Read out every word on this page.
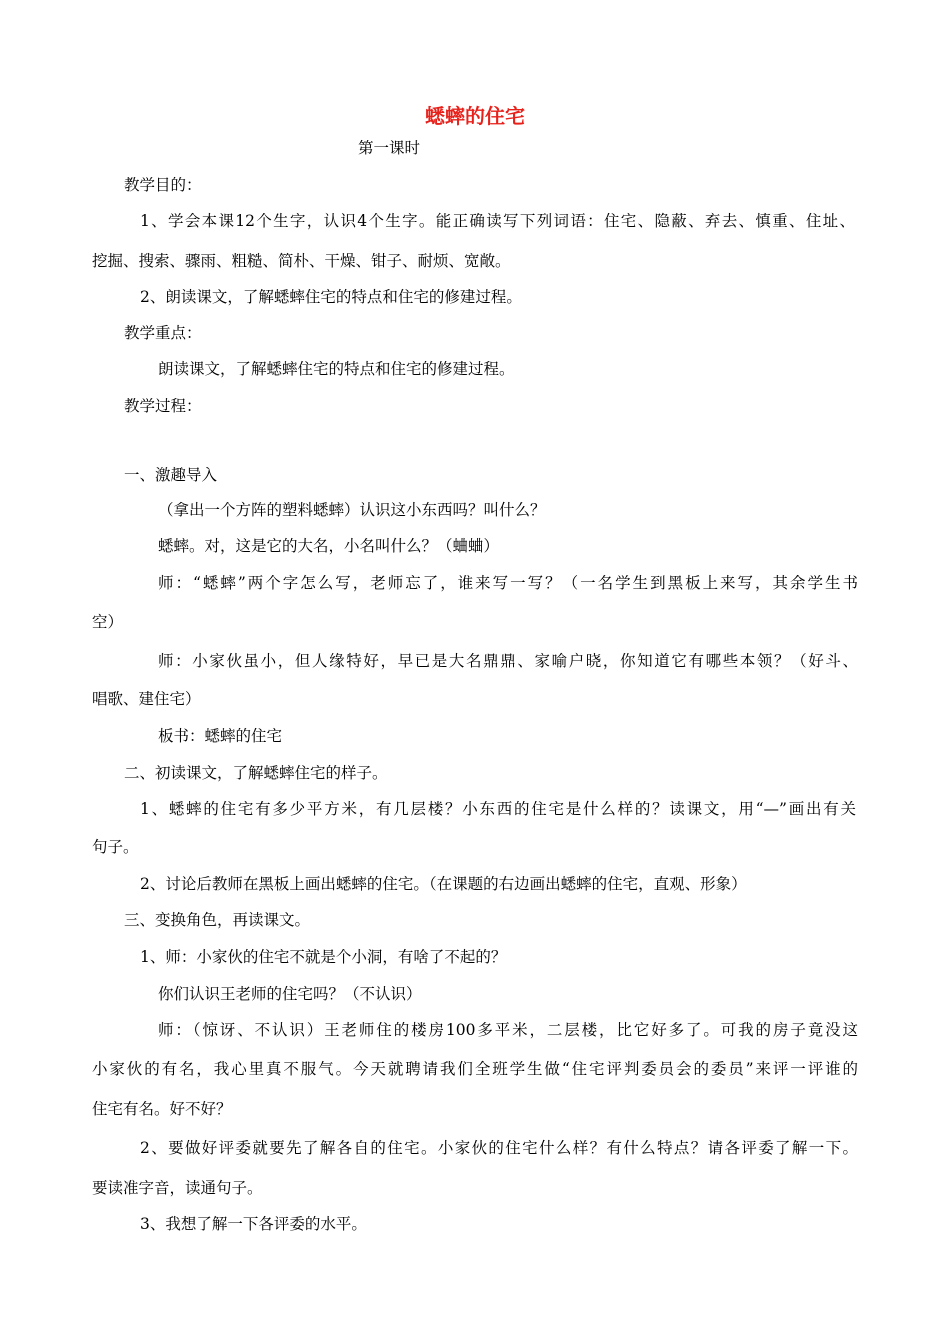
蟋蟀的住宅
第一课时
教学目的：
1、学会本课12个生字，认识4个生字。能正确读写下列词语：住宅、隐蔽、弃去、慎重、住址、
挖掘、搜索、骤雨、粗糙、简朴、干燥、钳子、耐烦、宽敞。
2、朗读课文，了解蟋蟀住宅的特点和住宅的修建过程。
教学重点：
朗读课文，了解蟋蟀住宅的特点和住宅的修建过程。
教学过程：
一、激趣导入
（拿出一个方阵的塑料蟋蟀）认识这小东西吗？叫什么？
蟋蟀。对，这是它的大名，小名叫什么？（蛐蛐）
师：“蟋蟀”两个字怎么写，老师忘了，谁来写一写？（一名学生到黑板上来写，其余学生书
空）
师：小家伙虽小，但人缘特好，早已是大名鼎鼎、家喻户晓，你知道它有哪些本领？（好斗、
唱歌、建住宅）
板书：蟋蟀的住宅
二、初读课文，了解蟋蟀住宅的样子。
1、蟋蟀的住宅有多少平方米，有几层楼？小东西的住宅是什么样的？读课文，用“—”画出有关
句子。
2、讨论后教师在黑板上画出蟋蟀的住宅。（在课题的右边画出蟋蟀的住宅，直观、形象）
三、变换角色，再读课文。
1、师：小家伙的住宅不就是个小洞，有啥了不起的？
你们认识王老师的住宅吗？（不认识）
师：（惊讶、不认识）王老师住的楼房100多平米，二层楼，比它好多了。可我的房子竟没这
小家伙的有名，我心里真不服气。今天就聘请我们全班学生做“住宅评判委员会的委员”来评一评谁的
住宅有名。好不好？
2、要做好评委就要先了解各自的住宅。小家伙的住宅什么样？有什么特点？请各评委了解一下。
要读准字音，读通句子。
3、我想了解一下各评委的水平。
